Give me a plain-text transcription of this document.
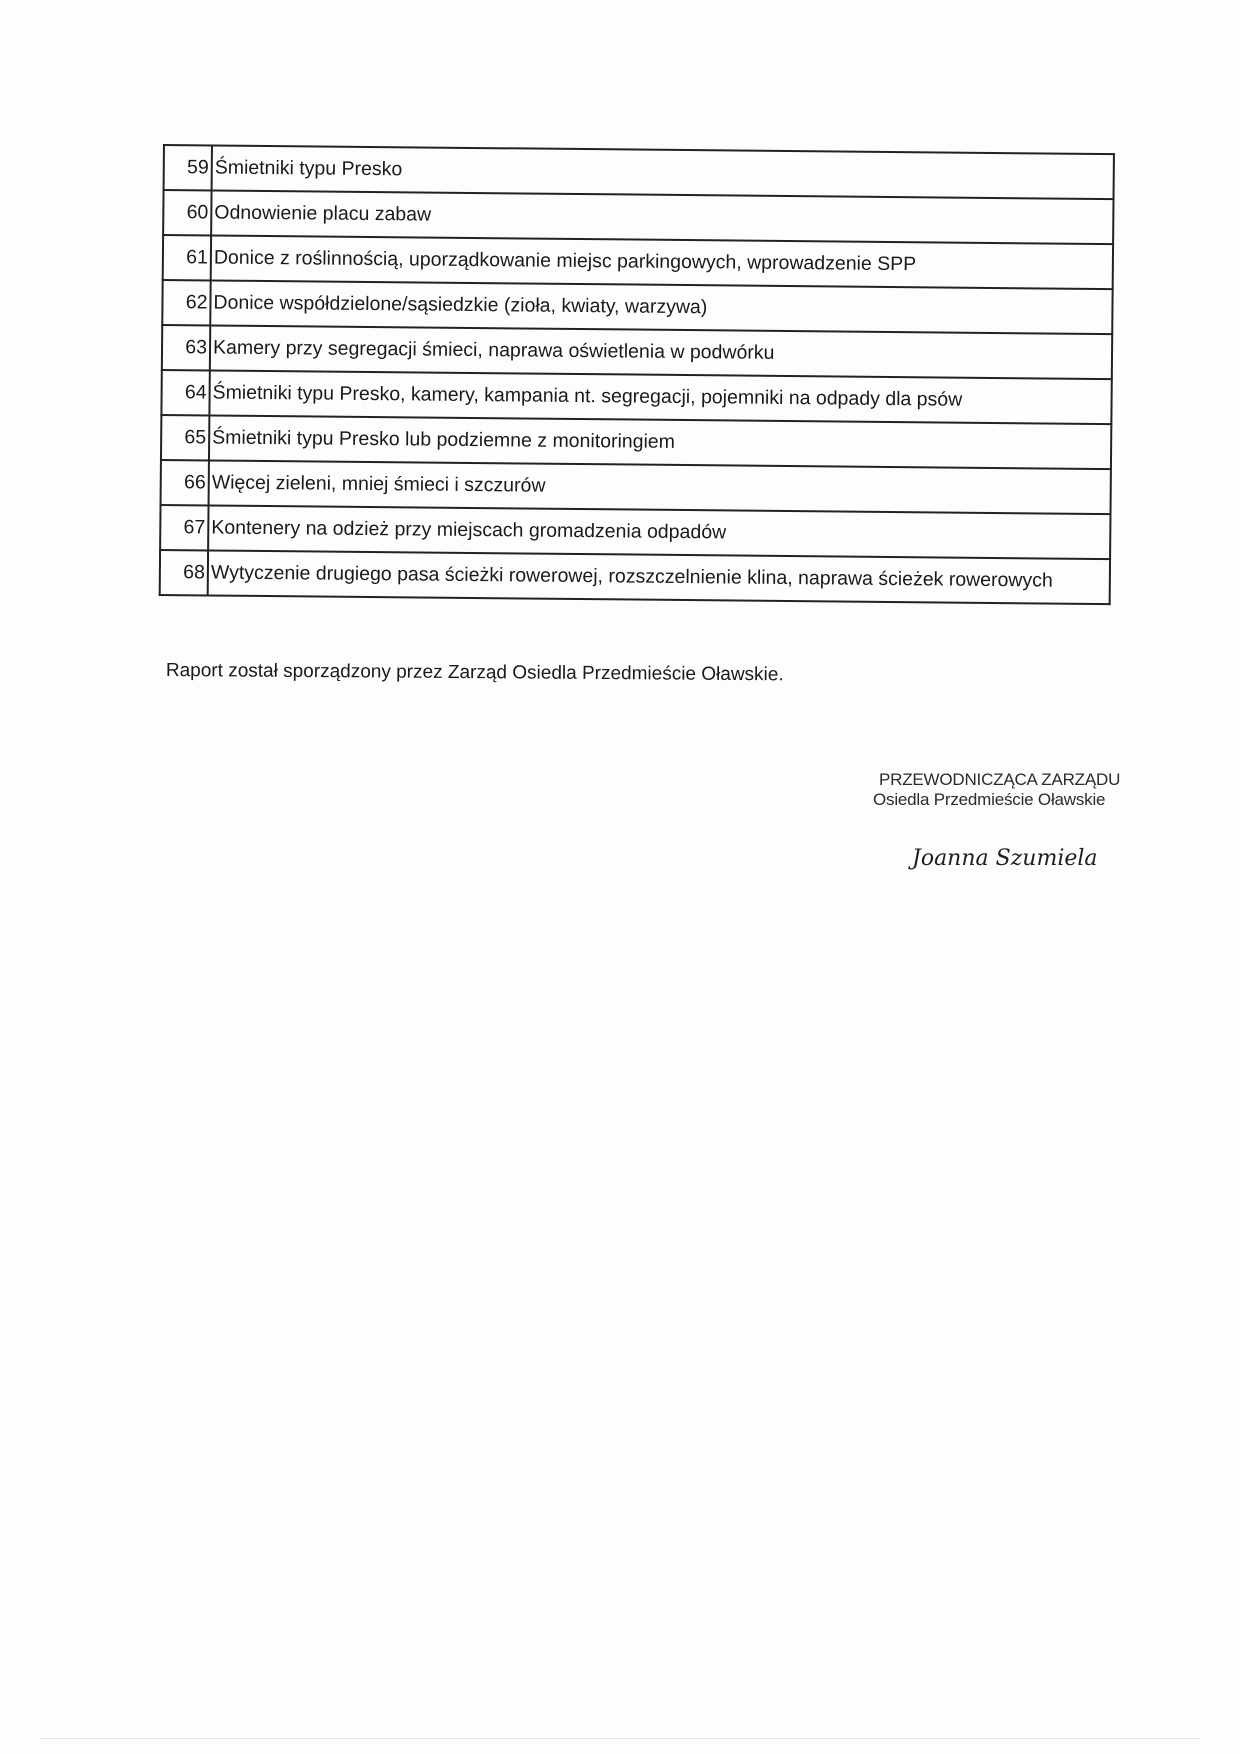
59	Śmietniki typu Presko
60	Odnowienie placu zabaw
61	Donice z roślinnością, uporządkowanie miejsc parkingowych, wprowadzenie SPP
62	Donice współdzielone/sąsiedzkie (zioła, kwiaty, warzywa)
63	Kamery przy segregacji śmieci, naprawa oświetlenia w podwórku
64	Śmietniki typu Presko, kamery, kampania nt. segregacji, pojemniki na odpady dla psów
65	Śmietniki typu Presko lub podziemne z monitoringiem
66	Więcej zieleni, mniej śmieci i szczurów
67	Kontenery na odzież przy miejscach gromadzenia odpadów
68	Wytyczenie drugiego pasa ścieżki rowerowej, rozszczelnienie klina, naprawa ścieżek rowerowych
Raport został sporządzony przez Zarząd Osiedla Przedmieście Oławskie.
PRZEWODNICZĄCA ZARZĄDU
Osiedla Przedmieście Oławskie
Joanna Szumiela
